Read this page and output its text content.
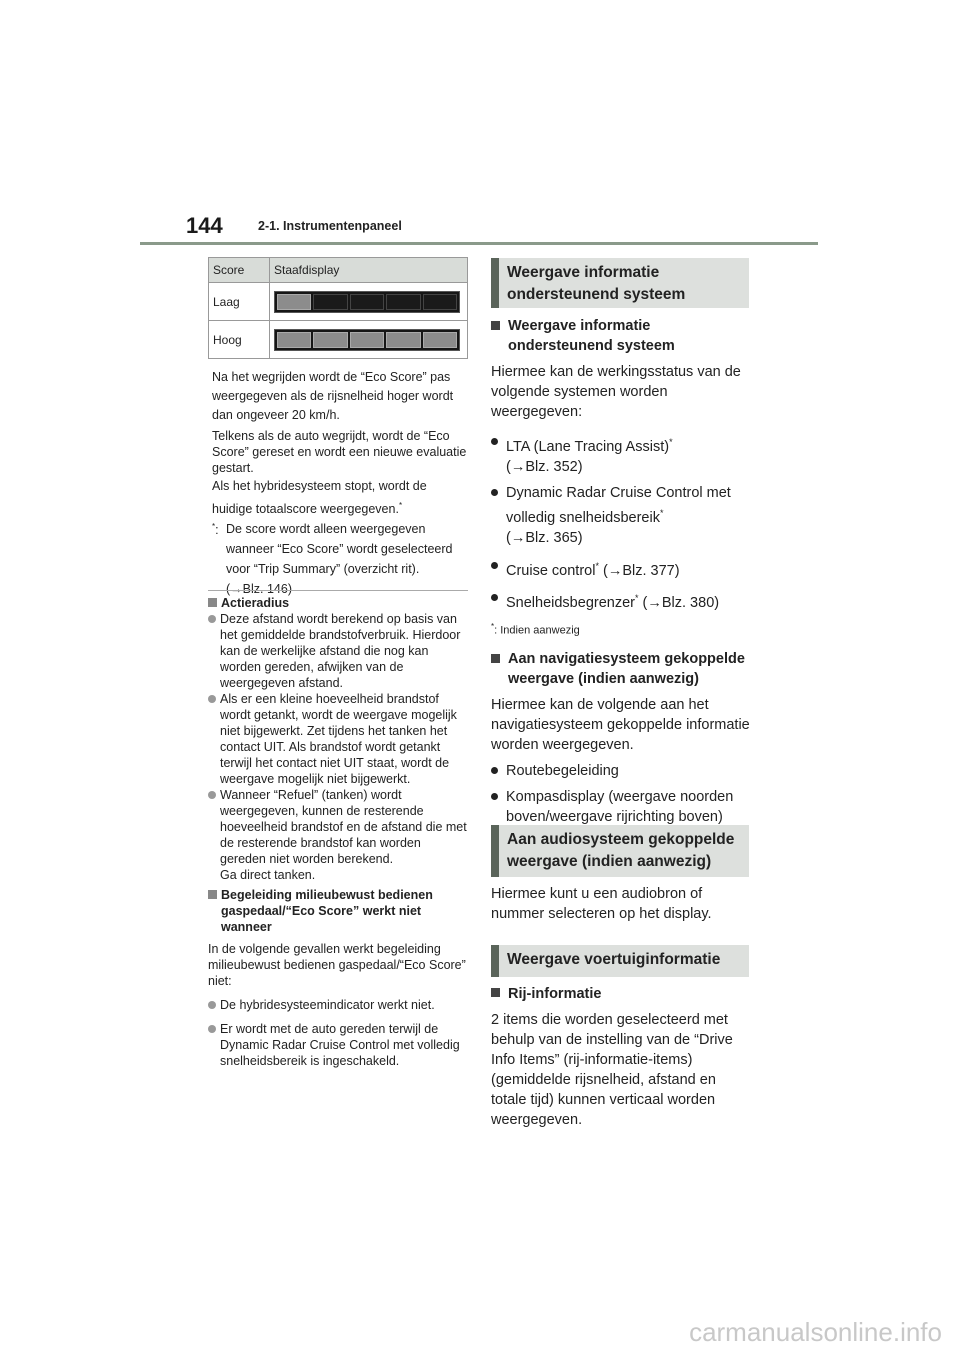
144	2-1. Instrumentenpaneel
Score	Staafdisplay
Laag	

Hoog	
Na het wegrijden wordt de “Eco Score” pas weergegeven als de rijsnelheid hoger wordt dan ongeveer 20 km/h.
Telkens als de auto wegrijdt, wordt de “Eco Score” gereset en wordt een nieuwe evaluatie gestart.
Als het hybridesysteem stopt, wordt de huidige totaalscore weergegeven.*
*: De score wordt alleen weergegeven wanneer “Eco Score” wordt geselecteerd voor “Trip Summary” (overzicht rit).
Actieradius
Deze afstand wordt berekend op basis van het gemiddelde brandstofverbruik. Hierdoor kan de werkelijke afstand die nog kan worden gereden, afwijken van de weergegeven afstand.
Als er een kleine hoeveelheid brandstof wordt getankt, wordt de weergave mogelijk niet bijgewerkt. Zet tijdens het tanken het contact UIT. Als brandstof wordt getankt terwijl het contact niet UIT staat, wordt de weergave mogelijk niet bijgewerkt.
Wanneer “Refuel” (tanken) wordt weergegeven, kunnen de resterende hoeveelheid brandstof en de afstand die met de resterende brandstof kan worden gereden niet worden berekend.
Ga direct tanken.
Begeleiding milieubewust bedienen gaspedaal/“Eco Score” werkt niet wanneer
In de volgende gevallen werkt begeleiding milieubewust bedienen gaspedaal/“Eco Score” niet:
De hybridesysteemindicator werkt niet.
Er wordt met de auto gereden terwijl de Dynamic Radar Cruise Control met volledig snelheidsbereik is ingeschakeld.
Weergave informatie ondersteunend systeem
Weergave informatie ondersteunend systeem
Hiermee kan de werkingsstatus van de volgende systemen worden weergegeven:
LTA (Lane Tracing Assist)*
(→Blz. 352)
Dynamic Radar Cruise Control met volledig snelheidsbereik*
(→Blz. 365)
Cruise control* (→Blz. 377)
Snelheidsbegrenzer* (→Blz. 380)
*: Indien aanwezig
Aan navigatiesysteem gekoppelde weergave (indien aanwezig)
Hiermee kan de volgende aan het navigatiesysteem gekoppelde informatie worden weergegeven.
Routebegeleiding
Kompasdisplay (weergave noorden boven/weergave rijrichting boven)
Aan audiosysteem gekoppelde weergave (indien aanwezig)
Hiermee kunt u een audiobron of nummer selecteren op het display.
Weergave voertuiginformatie
Rij-informatie
2 items die worden geselecteerd met behulp van de instelling van de “Drive Info Items” (rij-informatie-items) (gemiddelde rijsnelheid, afstand en totale tijd) kunnen verticaal worden weergegeven.
carmanualsonline.info
